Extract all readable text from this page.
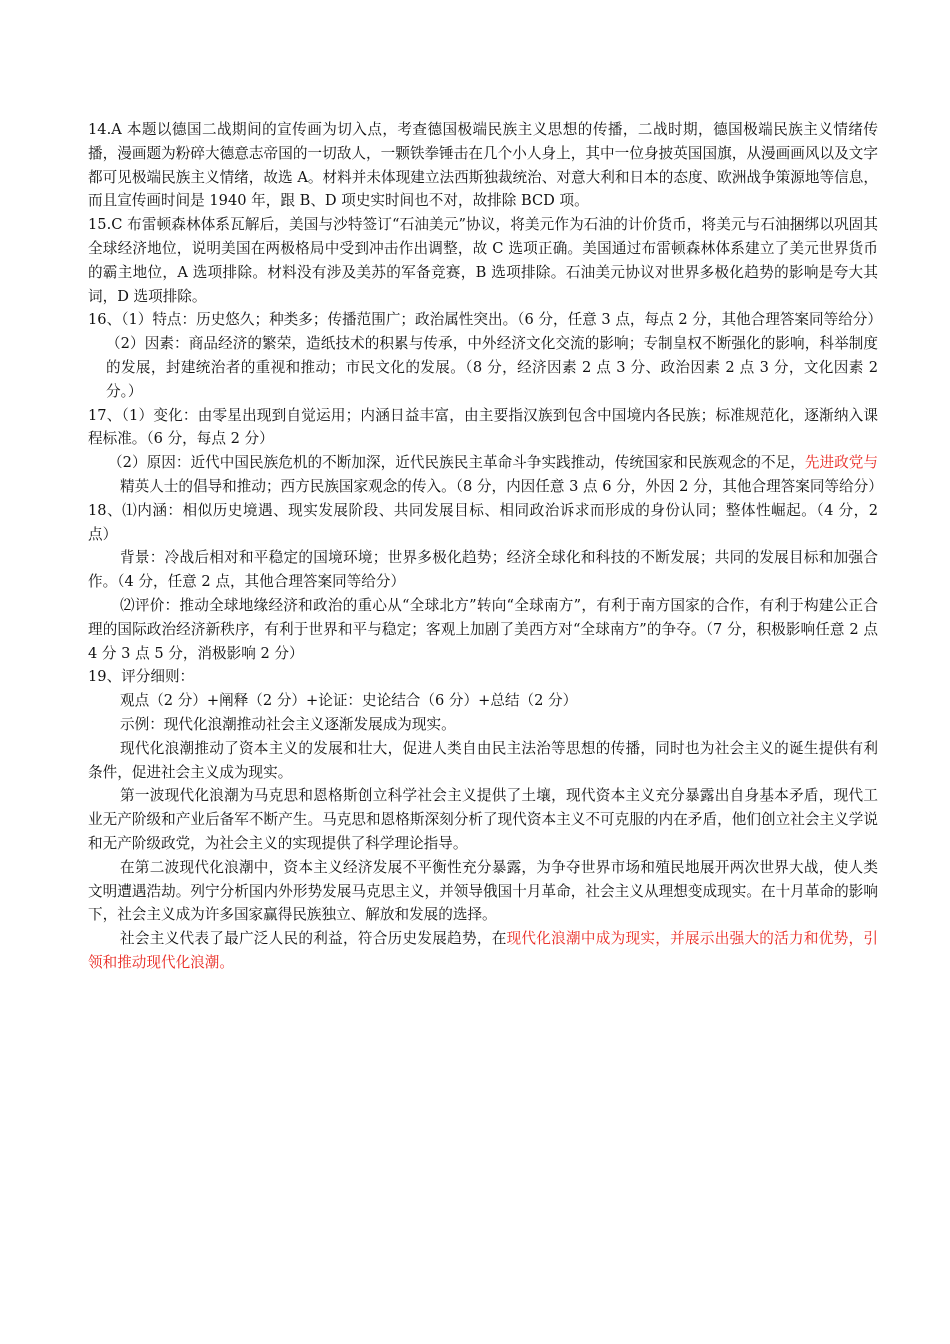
14.A 本题以德国二战期间的宣传画为切入点，考查德国极端民族主义思想的传播，二战时期，德国极端民族主义情绪传播，漫画题为粉碎大德意志帝国的一切敌人，一颗铁拳锤击在几个小人身上，其中一位身披英国国旗，从漫画画风以及文字都可见极端民族主义情绪，故选 A。材料并未体现建立法西斯独裁统治、对意大利和日本的态度、欧洲战争策源地等信息，而且宣传画时间是 1940 年，跟 B、D 项史实时间也不对，故排除 BCD 项。

15.C 布雷顿森林体系瓦解后，美国与沙特签订“石油美元”协议，将美元作为石油的计价货币，将美元与石油捆绑以巩固其全球经济地位，说明美国在两极格局中受到冲击作出调整，故 C 选项正确。美国通过布雷顿森林体系建立了美元世界货币的霸主地位，A 选项排除。材料没有涉及美苏的军备竞赛，B 选项排除。石油美元协议对世界多极化趋势的影响是夸大其词，D 选项排除。

16、（1）特点：历史悠久；种类多；传播范围广；政治属性突出。（6 分，任意 3 点，每点 2 分，其他合理答案同等给分）

（2）因素：商品经济的繁荣，造纸技术的积累与传承，中外经济文化交流的影响；专制皇权不断强化的影响，科举制度的发展，封建统治者的重视和推动；市民文化的发展。（8 分，经济因素 2 点 3 分、政治因素 2 点 3 分，文化因素 2 分。）

17、（1）变化：由零星出现到自觉运用；内涵日益丰富，由主要指汉族到包含中国境内各民族；标准规范化，逐渐纳入课程标准。（6 分，每点 2 分）

（2）原因：近代中国民族危机的不断加深，近代民族民主革命斗争实践推动，传统国家和民族观念的不足，先进政党与精英人士的倡导和推动；西方民族国家观念的传入。（8 分，内因任意 3 点 6 分，外因 2 分，其他合理答案同等给分）

18、⑴内涵：相似历史境遇、现实发展阶段、共同发展目标、相同政治诉求而形成的身份认同；整体性崛起。（4 分，2 点）

背景：冷战后相对和平稳定的国境环境；世界多极化趋势；经济全球化和科技的不断发展；共同的发展目标和加强合作。（4 分，任意 2 点，其他合理答案同等给分）

⑵评价：推动全球地缘经济和政治的重心从“全球北方”转向“全球南方”，有利于南方国家的合作，有利于构建公正合理的国际政治经济新秩序，有利于世界和平与稳定；客观上加剧了美西方对“全球南方”的争夺。（7 分，积极影响任意 2 点 4 分 3 点 5 分，消极影响 2 分）

19、评分细则：

观点（2 分）+阐释（2 分）+论证：史论结合（6 分）+总结（2 分）

示例：现代化浪潮推动社会主义逐渐发展成为现实。

现代化浪潮推动了资本主义的发展和壮大，促进人类自由民主法治等思想的传播，同时也为社会主义的诞生提供有利条件，促进社会主义成为现实。

第一波现代化浪潮为马克思和恩格斯创立科学社会主义提供了土壤，现代资本主义充分暴露出自身基本矛盾，现代工业无产阶级和产业后备军不断产生。马克思和恩格斯深刻分析了现代资本主义不可克服的内在矛盾，他们创立社会主义学说和无产阶级政党，为社会主义的实现提供了科学理论指导。

在第二波现代化浪潮中，资本主义经济发展不平衡性充分暴露，为争夺世界市场和殖民地展开两次世界大战，使人类文明遭遇浩劫。列宁分析国内外形势发展马克思主义，并领导俄国十月革命，社会主义从理想变成现实。在十月革命的影响下，社会主义成为许多国家赢得民族独立、解放和发展的选择。

社会主义代表了最广泛人民的利益，符合历史发展趋势，在现代化浪潮中成为现实，并展示出强大的活力和优势，引领和推动现代化浪潮。
